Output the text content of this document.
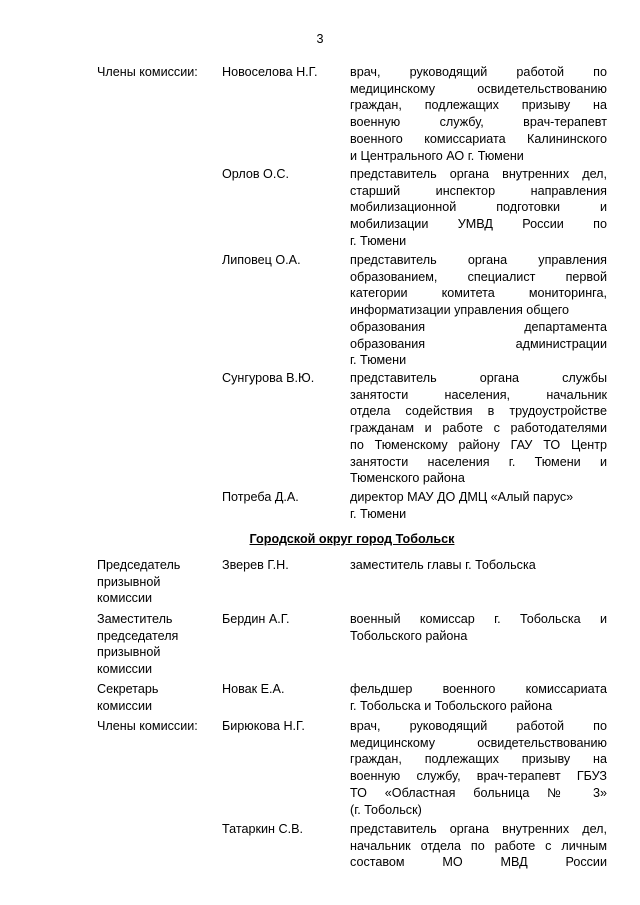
3
Члены комиссии:	Новоселова Н.Г.	врач, руководящий работой по
медицинскому освидетельствованию
граждан, подлежащих призыву на
военную службу, врач-терапевт
военного комиссариата Калининского
и Центрального АО г. Тюмени
Орлов О.С.	представитель органа внутренних дел,
старший инспектор направления
мобилизационной подготовки и
мобилизации УМВД России по
г. Тюмени
Липовец О.А.	представитель органа управления
образованием, специалист первой
категории комитета мониторинга,
информатизации управления общего
образования департамента
образования администрации
г. Тюмени
Сунгурова В.Ю.	представитель органа службы
занятости населения, начальник
отдела содействия в трудоустройстве
гражданам и работе с работодателями
по Тюменскому району ГАУ ТО Центр
занятости населения г. Тюмени и
Тюменского района
Потреба Д.А.	директор МАУ ДО ДМЦ «Алый парус»
г. Тюмени
Городской округ город Тобольск
Председатель
призывной
комиссии
Зверев Г.Н.	заместитель главы г. Тобольска
Заместитель
председателя
призывной
комиссии
Бердин А.Г.	военный комиссар г. Тобольска и
Тобольского района
Секретарь
комиссии
Новак Е.А.	фельдшер военного комиссариата
г. Тобольска и Тобольского района
Члены комиссии:	Бирюкова Н.Г.	врач, руководящий работой по
медицинскому освидетельствованию
граждан, подлежащих призыву на
военную службу, врач-терапевт ГБУЗ
ТО «Областная больница № 3»
(г. Тобольск)
Татаркин С.В.	представитель органа внутренних дел,
начальник отдела по работе с личным
составом МО МВД России
